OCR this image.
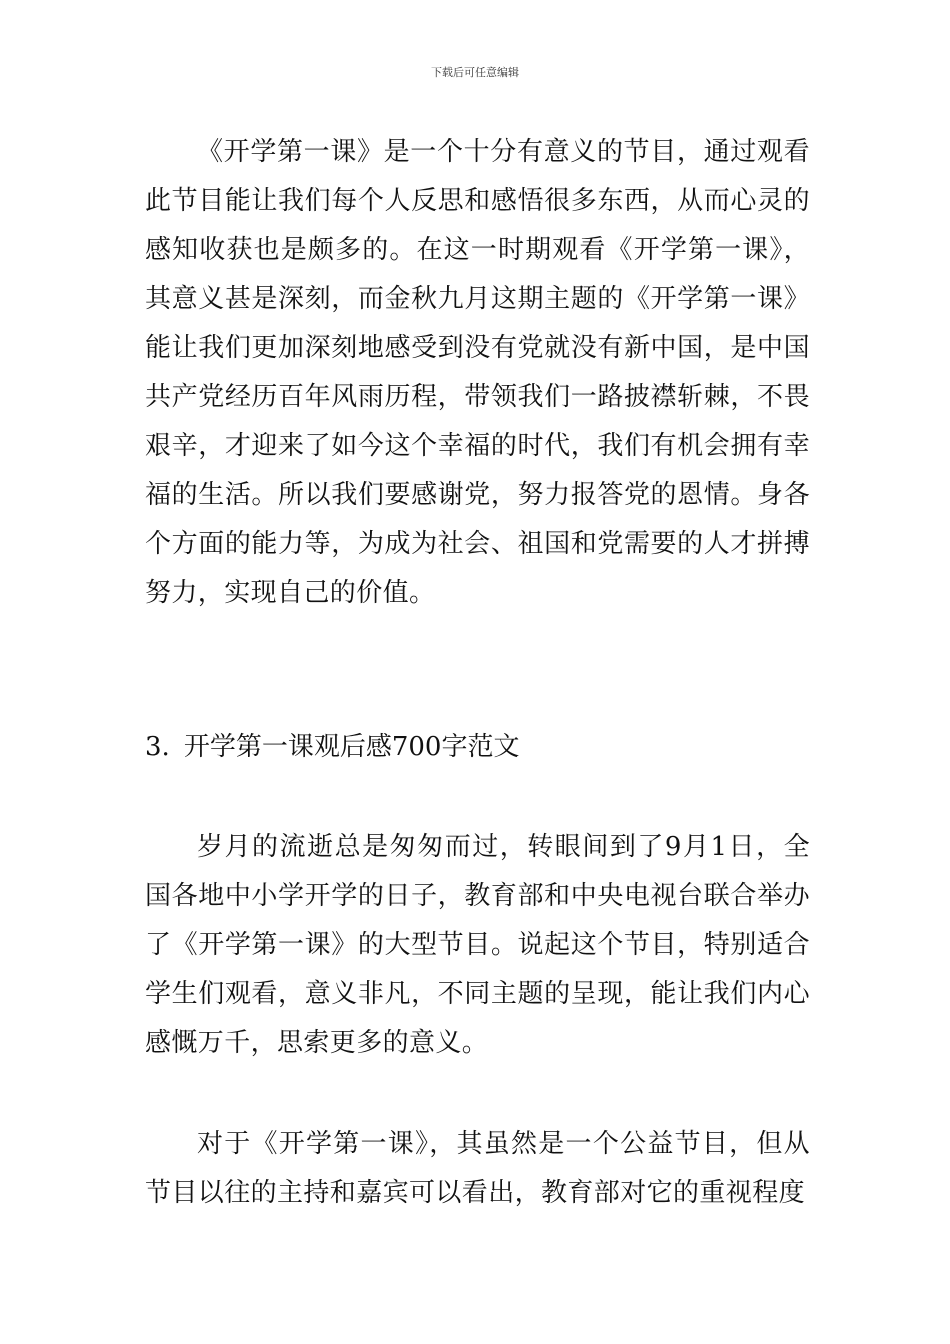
下载后可任意编辑

《开学第一课》是一个十分有意义的节目，通过观看此节目能让我们每个人反思和感悟很多东西，从而心灵的感知收获也是颇多的。在这一时期观看《开学第一课》，其意义甚是深刻，而金秋九月这期主题的《开学第一课》能让我们更加深刻地感受到没有党就没有新中国，是中国共产党经历百年风雨历程，带领我们一路披襟斩棘，不畏艰辛，才迎来了如今这个幸福的时代，我们有机会拥有幸福的生活。所以我们要感谢党，努力报答党的恩情。身各个方面的能力等，为成为社会、祖国和党需要的人才拼搏努力，实现自己的价值。

3. 开学第一课观后感700字范文

岁月的流逝总是匆匆而过，转眼间到了9月1日，全国各地中小学开学的日子，教育部和中央电视台联合举办了《开学第一课》的大型节目。说起这个节目，特别适合学生们观看，意义非凡，不同主题的呈现，能让我们内心感慨万千，思索更多的意义。

对于《开学第一课》，其虽然是一个公益节目，但从节目以往的主持和嘉宾可以看出，教育部对它的重视程度
